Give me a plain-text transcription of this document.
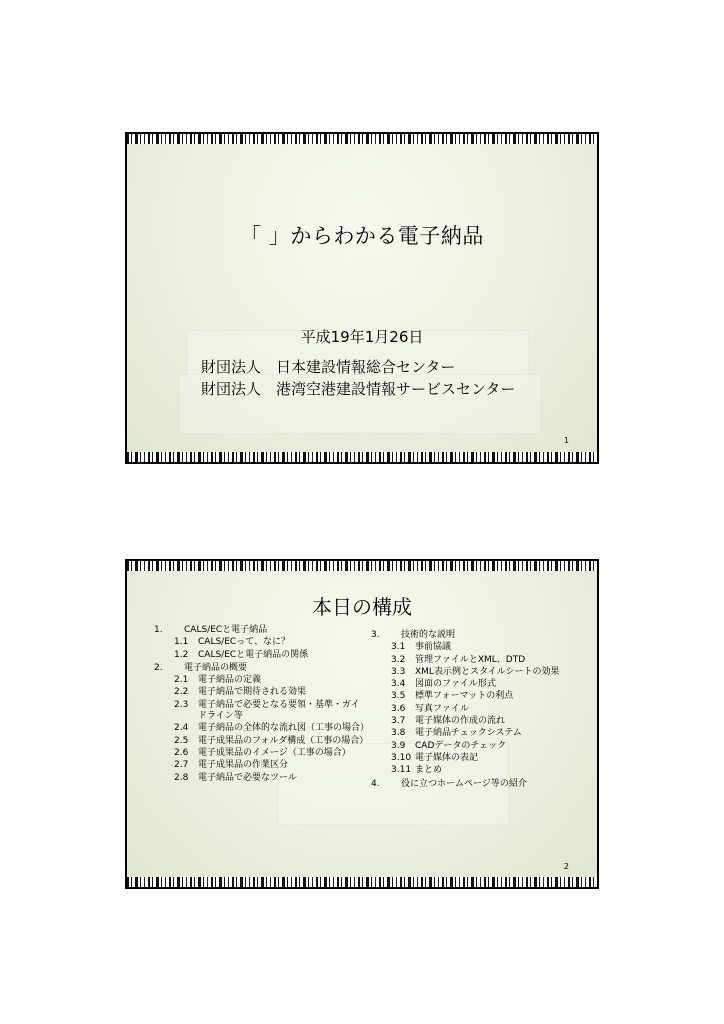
「 」からわかる電子納品
平成19年1月26日
財団法人　日本建設情報総合センター
財団法人　港湾空港建設情報サービスセンター
1
本日の構成
1.	CALS/ECと電子納品
1.1	CALS/ECって、なに？
1.2	CALS/ECと電子納品の関係
2.	電子納品の概要
2.1	電子納品の定義
2.2	電子納品で期待される効果
2.3	電子納品で必要となる要領・基準・ガイドライン等
2.4	電子納品の全体的な流れ図（工事の場合）
2.5	電子成果品のフォルダ構成（工事の場合）
2.6	電子成果品のイメージ（工事の場合）
2.7	電子成果品の作業区分
2.8	電子納品で必要なツール
3.	技術的な説明
3.1	事前協議
3.2	管理ファイルとXML、DTD
3.3	XML表示例とスタイルシートの効果
3.4	図面のファイル形式
3.5	標準フォーマットの利点
3.6	写真ファイル
3.7	電子媒体の作成の流れ
3.8	電子納品チェックシステム
3.9	CADデータのチェック
3.10 電子媒体の表記
3.11 まとめ
4.	役に立つホームページ等の紹介
2
